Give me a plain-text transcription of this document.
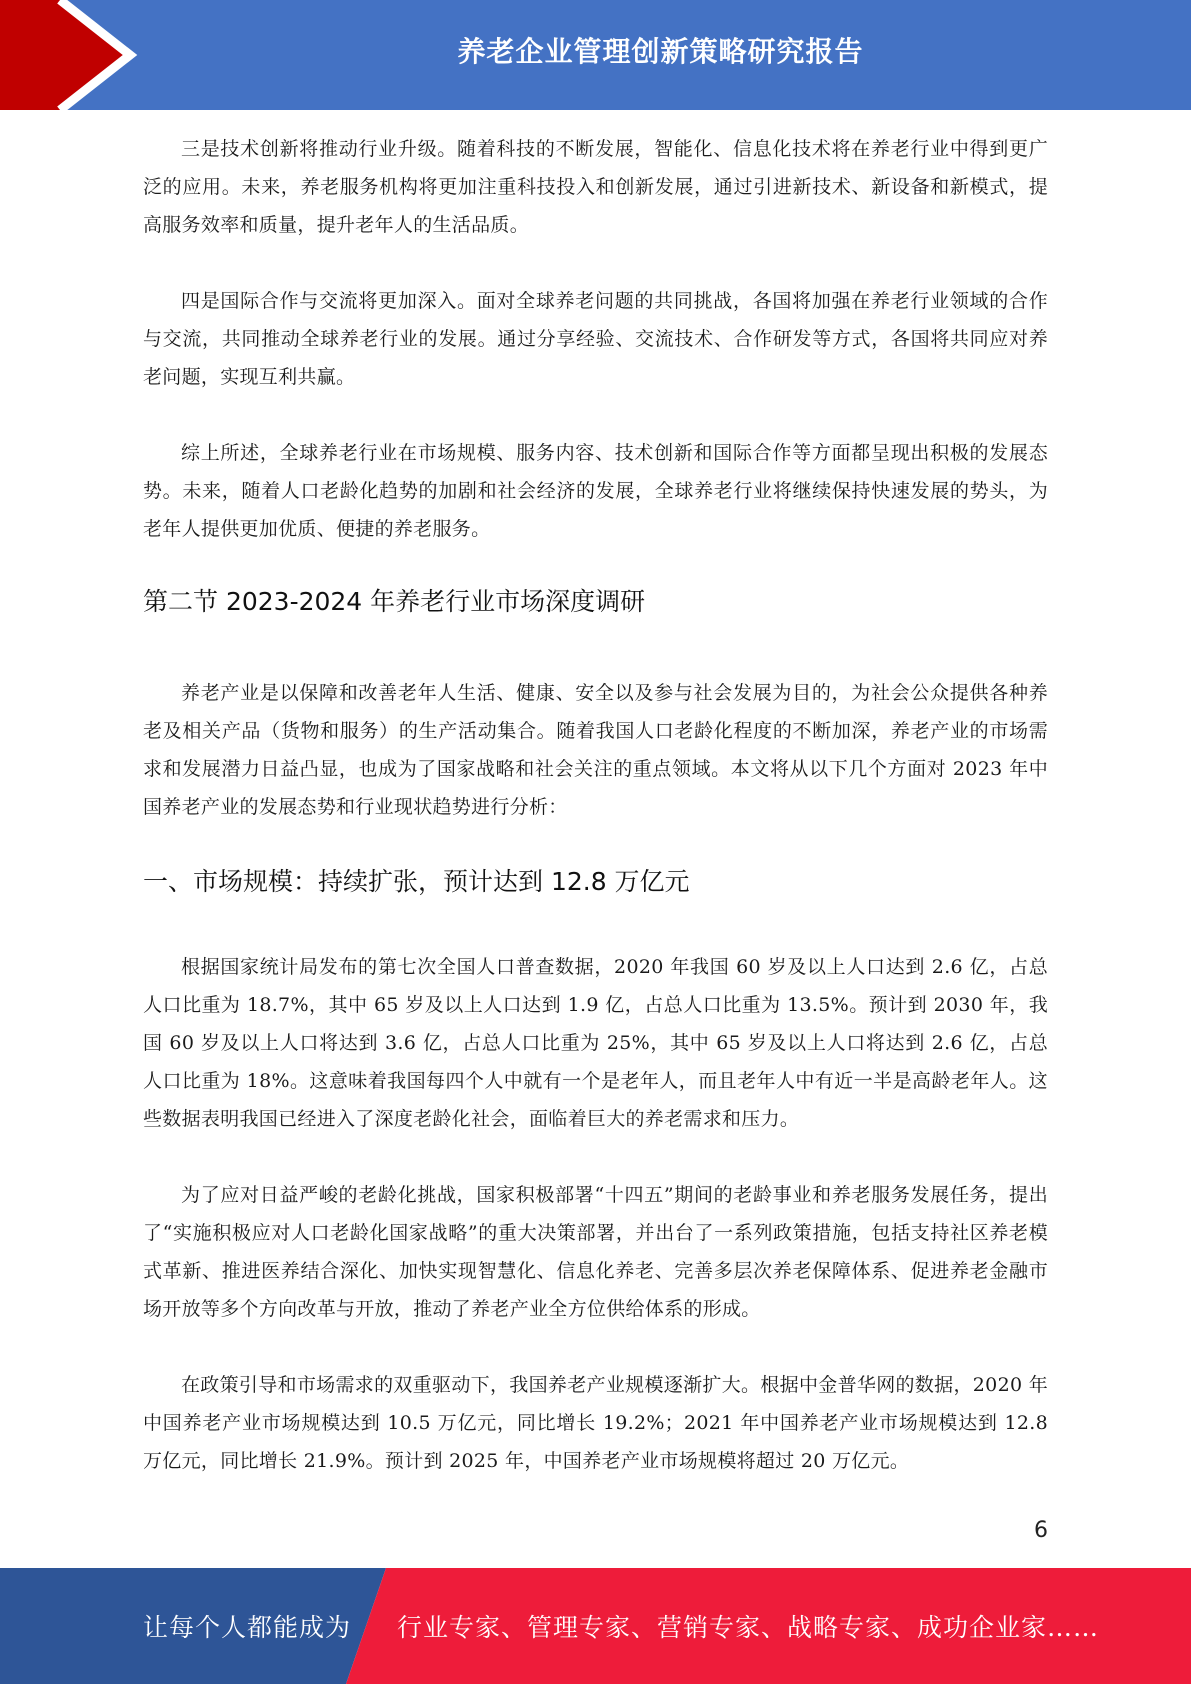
养老企业管理创新策略研究报告

三是技术创新将推动行业升级。随着科技的不断发展，智能化、信息化技术将在养老行业中得到更广泛的应用。未来，养老服务机构将更加注重科技投入和创新发展，通过引进新技术、新设备和新模式，提高服务效率和质量，提升老年人的生活品质。

四是国际合作与交流将更加深入。面对全球养老问题的共同挑战，各国将加强在养老行业领域的合作与交流，共同推动全球养老行业的发展。通过分享经验、交流技术、合作研发等方式，各国将共同应对养老问题，实现互利共赢。

综上所述，全球养老行业在市场规模、服务内容、技术创新和国际合作等方面都呈现出积极的发展态势。未来，随着人口老龄化趋势的加剧和社会经济的发展，全球养老行业将继续保持快速发展的势头，为老年人提供更加优质、便捷的养老服务。

第二节 2023-2024 年养老行业市场深度调研

养老产业是以保障和改善老年人生活、健康、安全以及参与社会发展为目的，为社会公众提供各种养老及相关产品（货物和服务）的生产活动集合。随着我国人口老龄化程度的不断加深，养老产业的市场需求和发展潜力日益凸显，也成为了国家战略和社会关注的重点领域。本文将从以下几个方面对 2023 年中国养老产业的发展态势和行业现状趋势进行分析：

一、市场规模：持续扩张，预计达到 12.8 万亿元

根据国家统计局发布的第七次全国人口普查数据，2020 年我国 60 岁及以上人口达到 2.6 亿，占总人口比重为 18.7%，其中 65 岁及以上人口达到 1.9 亿，占总人口比重为 13.5%。预计到 2030 年，我国 60 岁及以上人口将达到 3.6 亿，占总人口比重为 25%，其中 65 岁及以上人口将达到 2.6 亿，占总人口比重为 18%。这意味着我国每四个人中就有一个是老年人，而且老年人中有近一半是高龄老年人。这些数据表明我国已经进入了深度老龄化社会，面临着巨大的养老需求和压力。

为了应对日益严峻的老龄化挑战，国家积极部署“十四五”期间的老龄事业和养老服务发展任务，提出了“实施积极应对人口老龄化国家战略”的重大决策部署，并出台了一系列政策措施，包括支持社区养老模式革新、推进医养结合深化、加快实现智慧化、信息化养老、完善多层次养老保障体系、促进养老金融市场开放等多个方向改革与开放，推动了养老产业全方位供给体系的形成。

在政策引导和市场需求的双重驱动下，我国养老产业规模逐渐扩大。根据中金普华网的数据，2020 年中国养老产业市场规模达到 10.5 万亿元，同比增长 19.2%；2021 年中国养老产业市场规模达到 12.8 万亿元，同比增长 21.9%。预计到 2025 年，中国养老产业市场规模将超过 20 万亿元。

6
让每个人都能成为 行业专家、管理专家、营销专家、战略专家、成功企业家……
